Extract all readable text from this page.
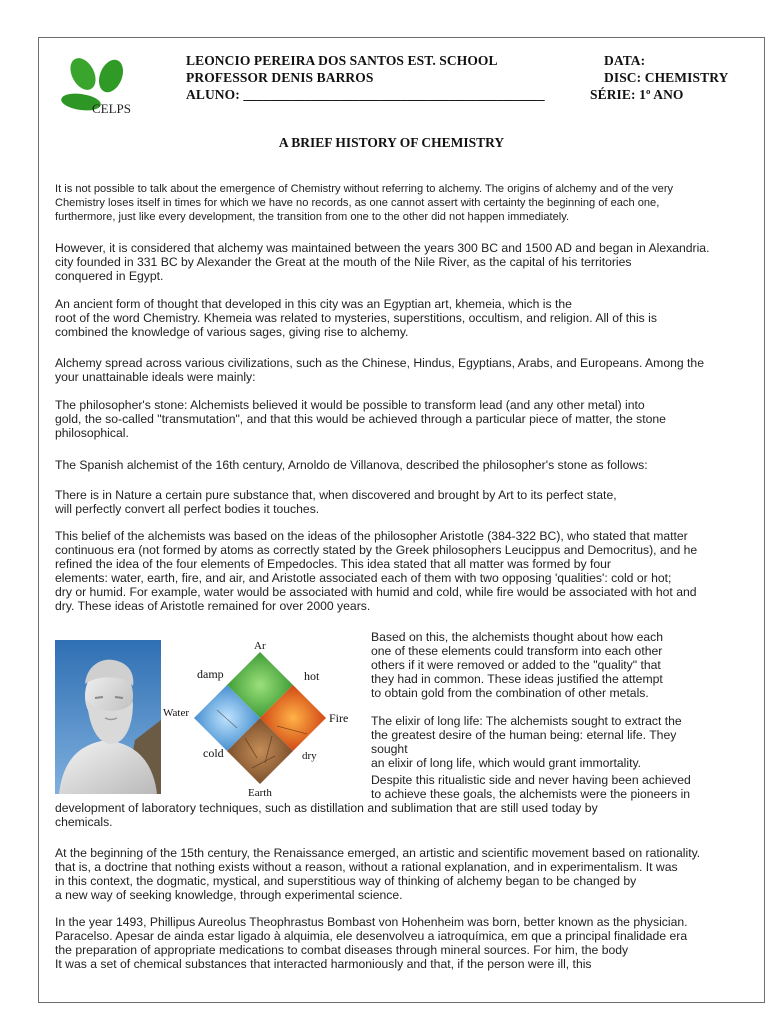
CELPS
LEONCIO PEREIRA DOS SANTOS EST. SCHOOL
PROFESSOR DENIS BARROS
ALUNO: ____________________________________________
DATA:
DISC: CHEMISTRY
SÉRIE: 1º ANO
A BRIEF HISTORY OF CHEMISTRY

It is not possible to talk about the emergence of Chemistry without referring to alchemy. The origins of alchemy and of the very
Chemistry loses itself in times for which we have no records, as one cannot assert with certainty the beginning of each one,
furthermore, just like every development, the transition from one to the other did not happen immediately.

However, it is considered that alchemy was maintained between the years 300 BC and 1500 AD and began in Alexandria.
city founded in 331 BC by Alexander the Great at the mouth of the Nile River, as the capital of his territories
conquered in Egypt.

An ancient form of thought that developed in this city was an Egyptian art, khemeia, which is the
root of the word Chemistry. Khemeia was related to mysteries, superstitions, occultism, and religion. All of this is
combined the knowledge of various sages, giving rise to alchemy.

Alchemy spread across various civilizations, such as the Chinese, Hindus, Egyptians, Arabs, and Europeans. Among the
your unattainable ideals were mainly:

The philosopher's stone: Alchemists believed it would be possible to transform lead (and any other metal) into
gold, the so-called "transmutation", and that this would be achieved through a particular piece of matter, the stone
philosophical.

The Spanish alchemist of the 16th century, Arnoldo de Villanova, described the philosopher's stone as follows:

There is in Nature a certain pure substance that, when discovered and brought by Art to its perfect state,
will perfectly convert all perfect bodies it touches.

This belief of the alchemists was based on the ideas of the philosopher Aristotle (384-322 BC), who stated that matter
continuous era (not formed by atoms as correctly stated by the Greek philosophers Leucippus and Democritus), and he
refined the idea of the four elements of Empedocles. This idea stated that all matter was formed by four
elements: water, earth, fire, and air, and Aristotle associated each of them with two opposing 'qualities': cold or hot;
dry or humid. For example, water would be associated with humid and cold, while fire would be associated with hot and
dry. These ideas of Aristotle remained for over 2000 years.

Ar
Fire
Water
Earth
damp	hot
cold	dry

Based on this, the alchemists thought about how each
one of these elements could transform into each other
others if it were removed or added to the "quality" that
they had in common. These ideas justified the attempt
to obtain gold from the combination of other metals.

The elixir of long life: The alchemists sought to extract the
the greatest desire of the human being: eternal life. They sought
an elixir of long life, which would grant immortality.

Despite this ritualistic side and never having been achieved

to achieve these goals, the alchemists were the pioneers in
development of laboratory techniques, such as distillation and sublimation that are still used today by
chemicals.

At the beginning of the 15th century, the Renaissance emerged, an artistic and scientific movement based on rationality.
that is, a doctrine that nothing exists without a reason, without a rational explanation, and in experimentalism. It was
in this context, the dogmatic, mystical, and superstitious way of thinking of alchemy began to be changed by
a new way of seeking knowledge, through experimental science.

In the year 1493, Phillipus Aureolus Theophrastus Bombast von Hohenheim was born, better known as the physician.
Paracelso. Apesar de ainda estar ligado à alquimia, ele desenvolveu a iatroquímica, em que a principal finalidade era
the preparation of appropriate medications to combat diseases through mineral sources. For him, the body
It was a set of chemical substances that interacted harmoniously and that, if the person were ill, this
